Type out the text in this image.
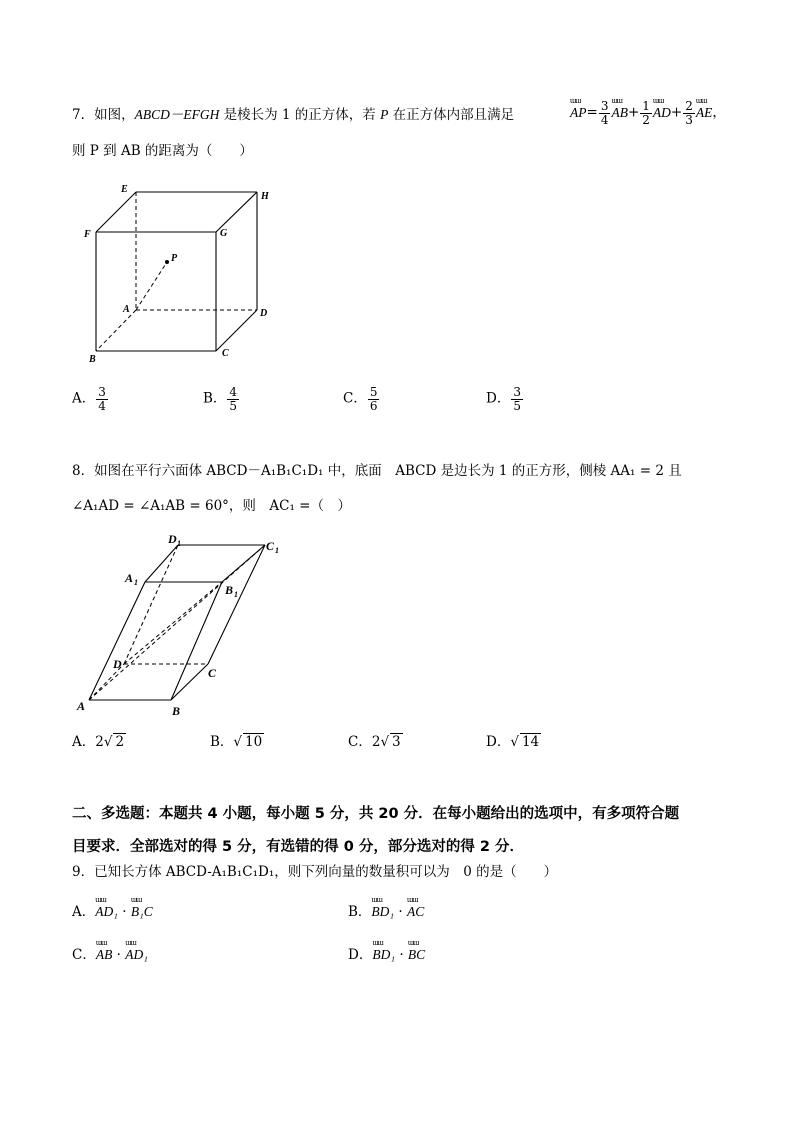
7．如图，ABCD－EFGH 是棱长为 1 的正方体，若 P 在正方体内部且满足	ɯɯ $AP= \frac{3}{4}$ ɯɯ $AB+ \frac{1}{2}$ ɯɯ $AD+ \frac{2}{3}$ ɯɯ AE，
则 P 到 AB 的距离为（　　）
E
H
F	G
P
A	D
B
C
A． $\frac{3}{4}$	B． $\frac{4}{5}$	C． $\frac{5}{6}$	D． $\frac{3}{5}$
8．如图在平行六面体 ABCD－A₁B₁C₁D₁ 中，底面　ABCD 是边长为 1 的正方形，侧棱 AA₁ = 2 且
∠A₁AD = ∠A₁AB = 60°，则　AC₁ =（　）
D 1	C 1
A 1
B 1
D
C
A	B
A．2√ 2	B．√ 10	C．2√ 3	D．√ 14
二、多选题：本题共 4 小题，每小题 5 分，共 20 分．在每小题给出的选项中，有多项符合题
目要求．全部选对的得 5 分，有选错的得 0 分，部分选对的得 2 分．
9．已知长方体 ABCD-A₁B₁C₁D₁，则下列向量的数量积可以为　0 的是（　　）
A．ɯɯ AD₁ · ɯɯ B₁C	B．ɯɯ BD₁ · ɯɯ AC
C．ɯɯ AB · ɯɯ AD₁	D．ɯɯ BD₁ · ɯɯ BC
